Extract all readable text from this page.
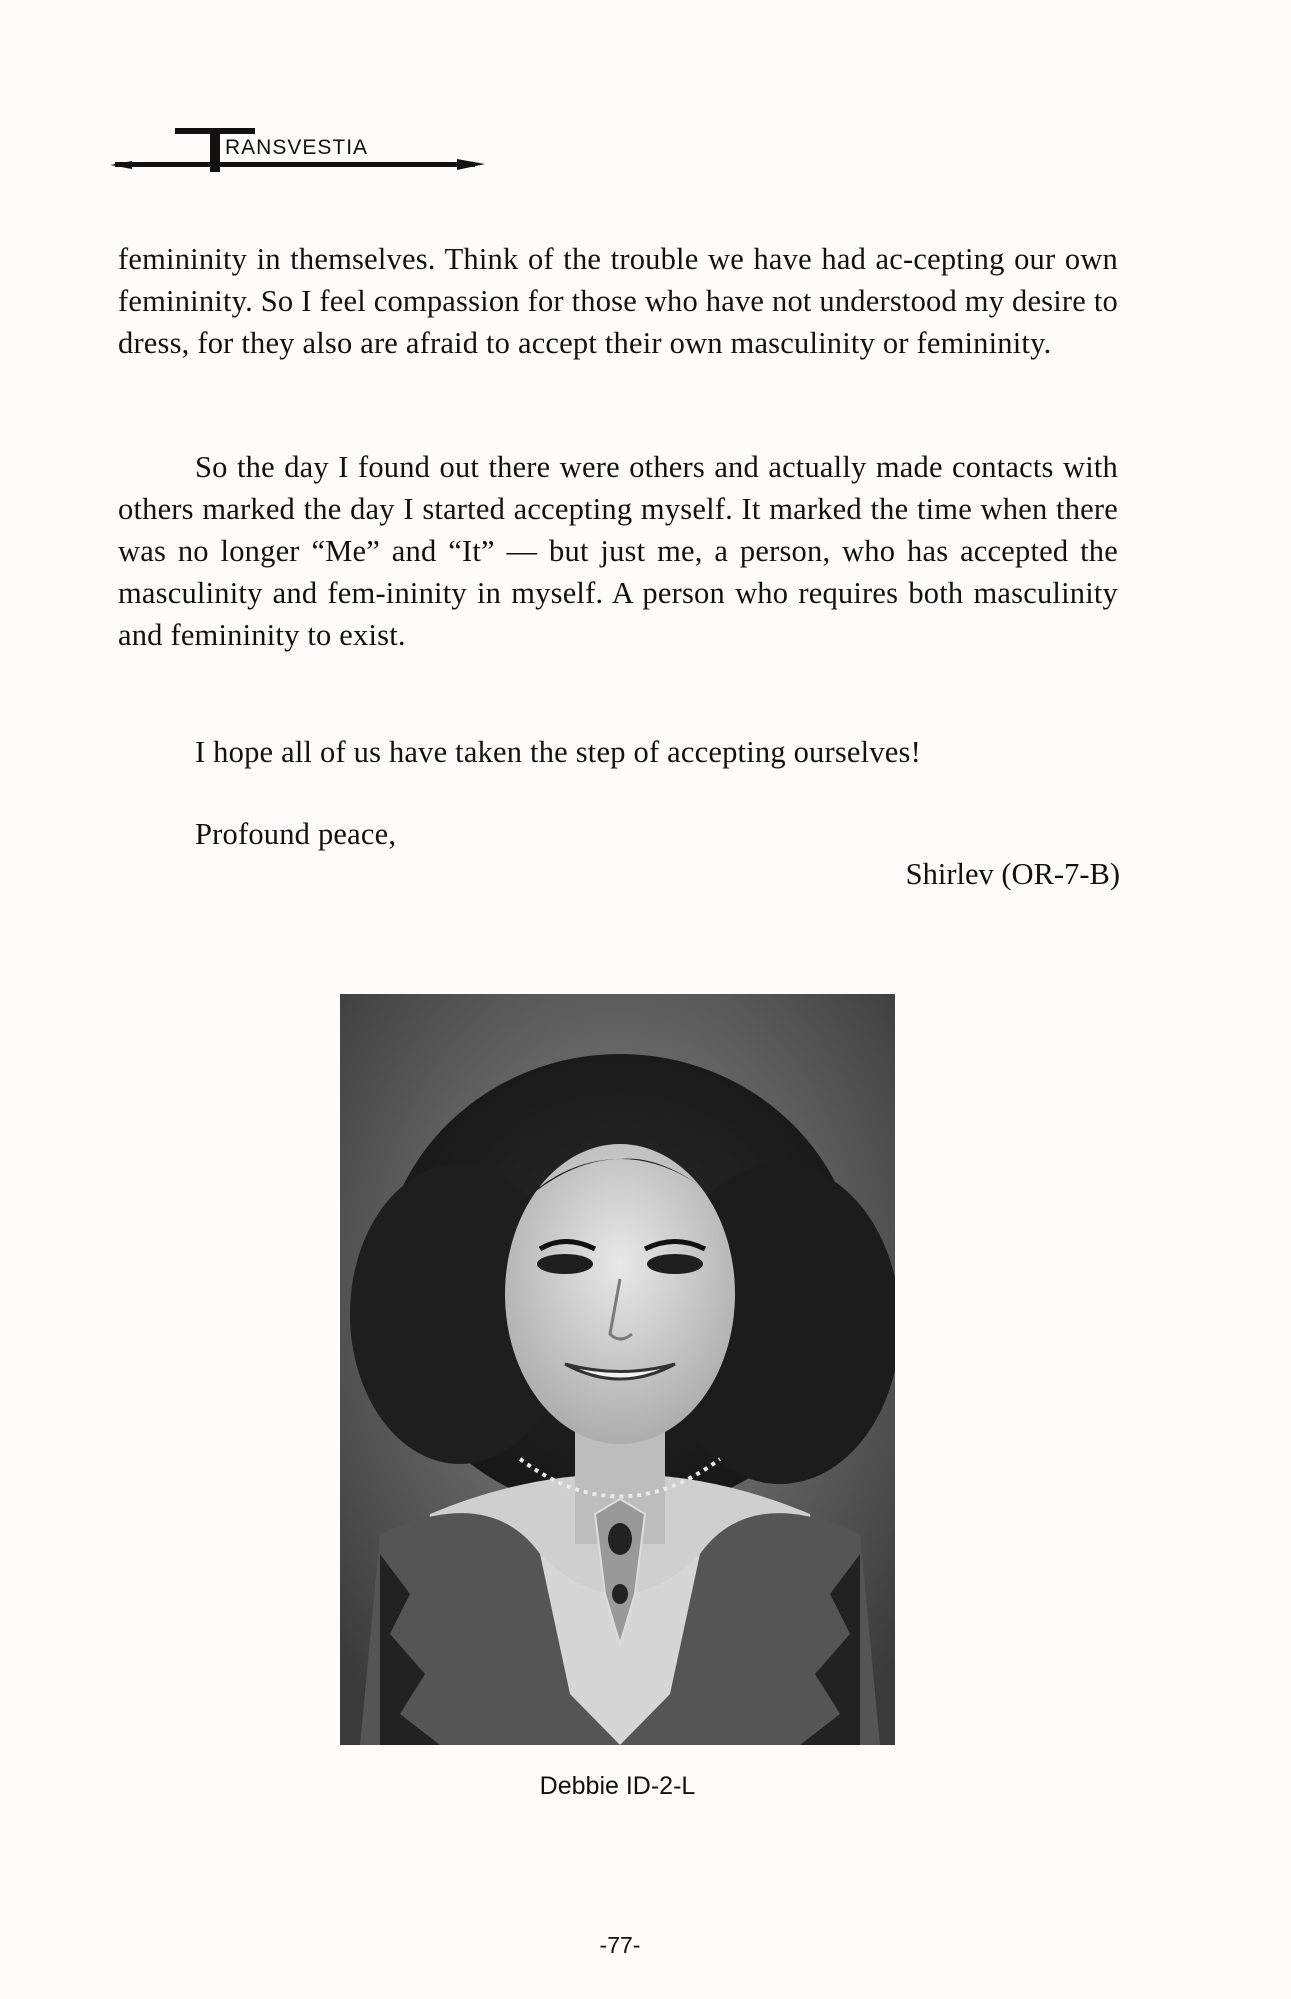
RANSVESTIA

femininity in themselves. Think of the trouble we have had ac-cepting our own femininity. So I feel compassion for those who have not understood my desire to dress, for they also are afraid to accept their own masculinity or femininity.

So the day I found out there were others and actually made contacts with others marked the day I started accepting myself. It marked the time when there was no longer “Me” and “It” — but just me, a person, who has accepted the masculinity and fem-ininity in myself. A person who requires both masculinity and femininity to exist.

I hope all of us have taken the step of accepting ourselves!

Profound peace,

Shirlev (OR-7-B)

Debbie ID-2-L
-77-
